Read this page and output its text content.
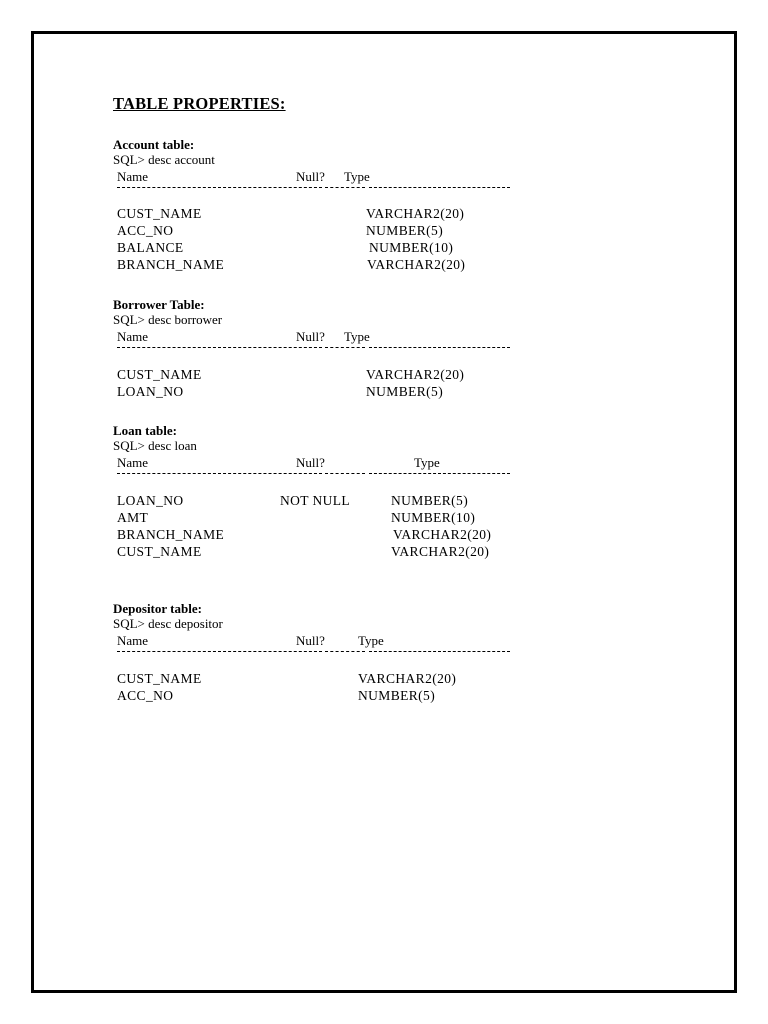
TABLE PROPERTIES:
Account table:
SQL> desc account
Name	Null? Type
CUST_NAME	VARCHAR2(20)
ACC_NO	NUMBER(5)
BALANCE	NUMBER(10)
BRANCH_NAME	VARCHAR2(20)
Borrower Table:
SQL> desc borrower
Name	Null? Type
CUST_NAME	VARCHAR2(20)
LOAN_NO	NUMBER(5)
Loan table:
SQL> desc loan
Name	Null?	Type
LOAN_NO	NOT NULL	NUMBER(5)
AMT	NUMBER(10)
BRANCH_NAME	VARCHAR2(20)
CUST_NAME	VARCHAR2(20)
Depositor table:
SQL> desc depositor
Name	Null?	Type
CUST_NAME	VARCHAR2(20)
ACC_NO	NUMBER(5)
